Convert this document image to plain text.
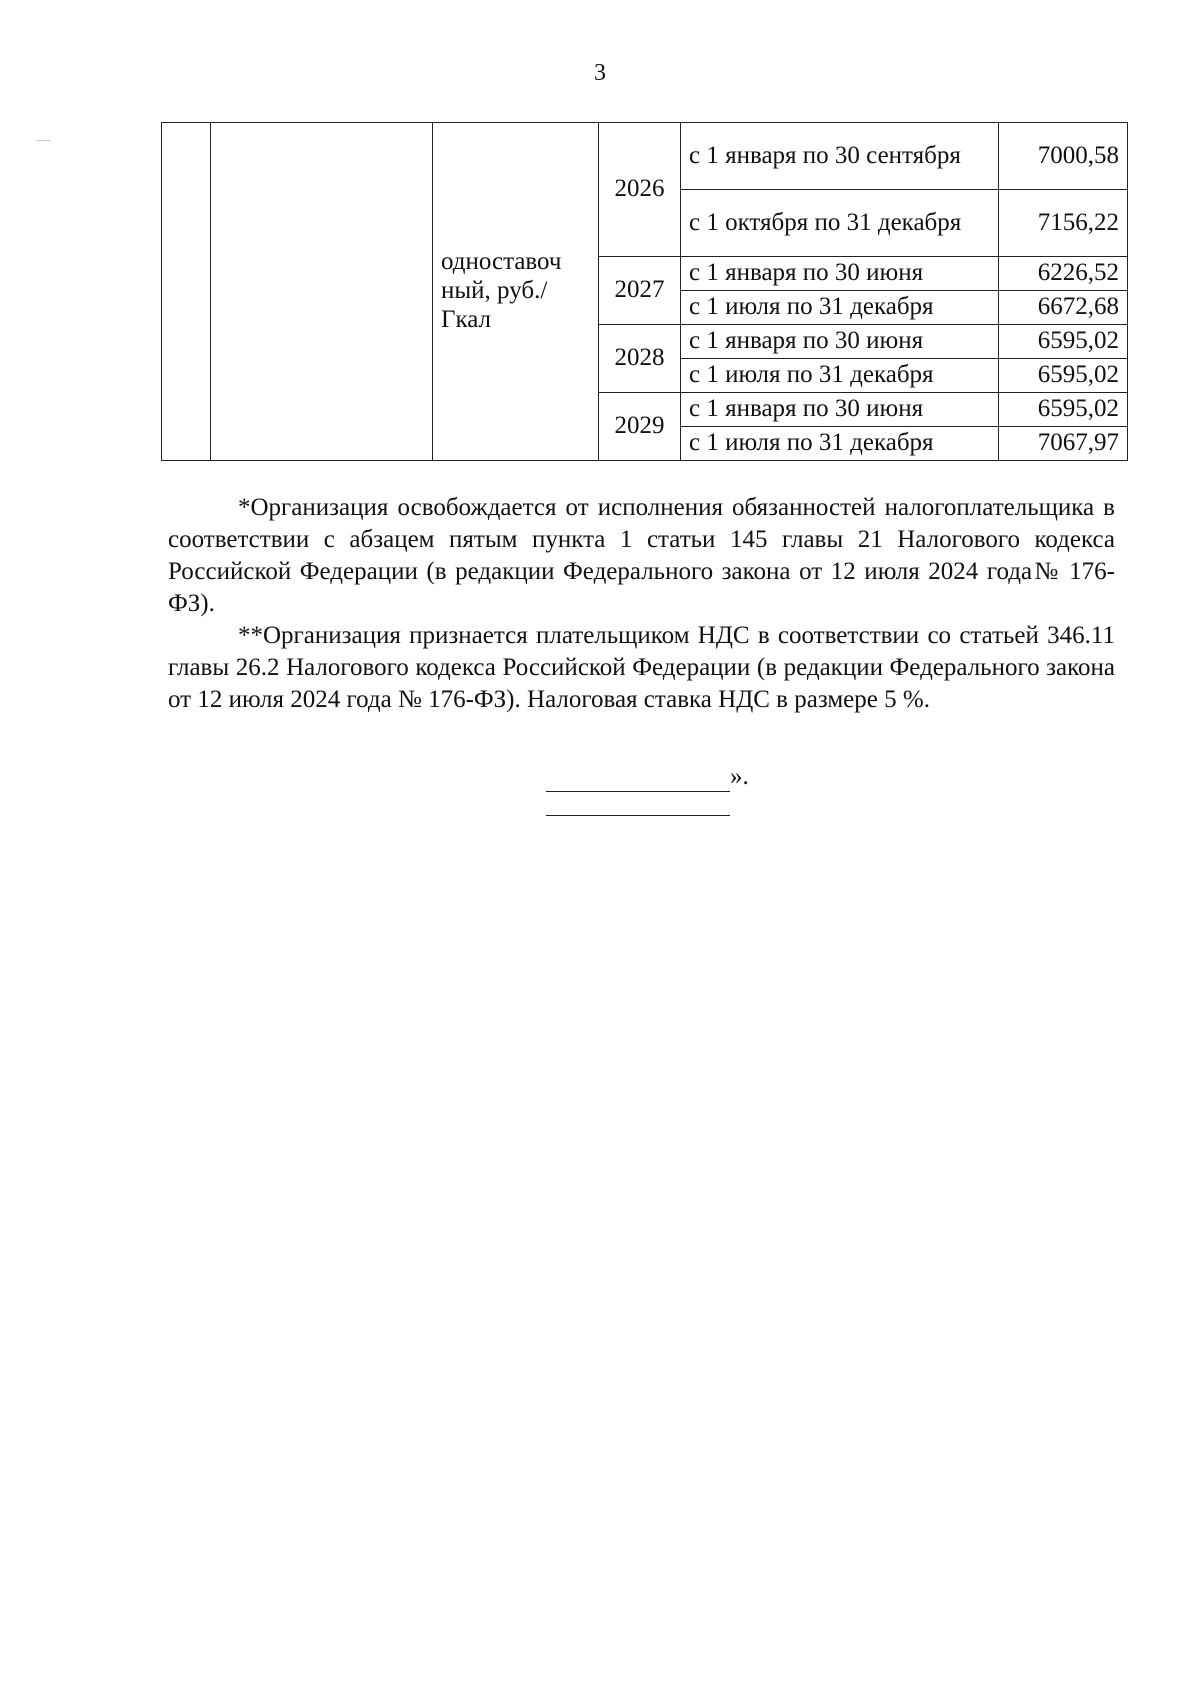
3
		одноставоч ный, руб./Гкал	2026	с 1 января по 30 сентября	7000,58
				с 1 октября по 31 декабря	7156,22
			2027	с 1 января по 30 июня	6226,52
				с 1 июля по 31 декабря	6672,68
			2028	с 1 января по 30 июня	6595,02
				с 1 июля по 31 декабря	6595,02
			2029	с 1 января по 30 июня	6595,02
				с 1 июля по 31 декабря	7067,97

*Организация освобождается от исполнения обязанностей налогоплательщика в соответствии с абзацем пятым пункта 1 статьи 145 главы 21 Налогового кодекса Российской Федерации (в редакции Федерального закона от 12 июля 2024 года№ 176-ФЗ).

**Организация признается плательщиком НДС в соответствии со статьей 346.11 главы 26.2 Налогового кодекса Российской Федерации (в редакции Федерального закона от 12 июля 2024 года № 176-ФЗ). Налоговая ставка НДС в размере 5 %.

».
